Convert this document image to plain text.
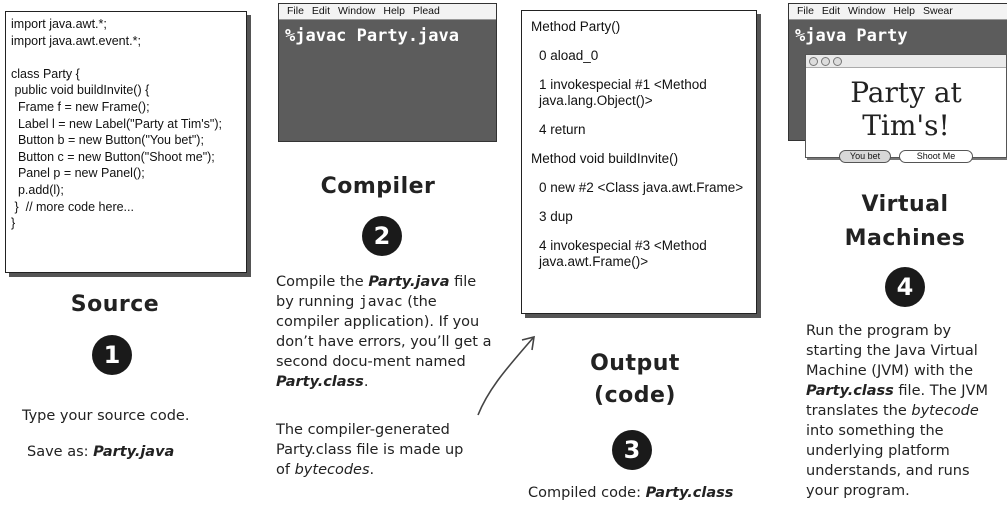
import java.awt.*;
import java.awt.event.*;

class Party {
public void buildInvite() {
Frame f = new Frame();
Label l = new Label("Party at Tim's");
Button b = new Button("You bet");
Button c = new Button("Shoot me");
Panel p = new Panel();
p.add(l);
}  // more code here...
}
Source
1
Type your source code.
Save as: Party.java
File Edit Window Help Plead
%javac Party.java
Compiler
2
Compile the Party.java file by running javac (the compiler application). If you don’t have errors, you’ll get a second docu-ment named Party.class.
The compiler-generated Party.class file is made up of bytecodes.

Method Party()

0 aload_0

1 invokespecial #1 <Method java.lang.Object()>

4 return

Method void buildInvite()

0 new #2 <Class java.awt.Frame>

3 dup

4 invokespecial #3 <Method java.awt.Frame()>

Output
(code)
3
Compiled code: Party.class
File Edit Window Help Swear
%java Party
Party at Tim's!
You bet	Shoot Me
Virtual
Machines
4
Run the program by starting the Java Virtual Machine (JVM) with the Party.class file. The JVM translates the bytecode into something the underlying platform understands, and runs your program.
